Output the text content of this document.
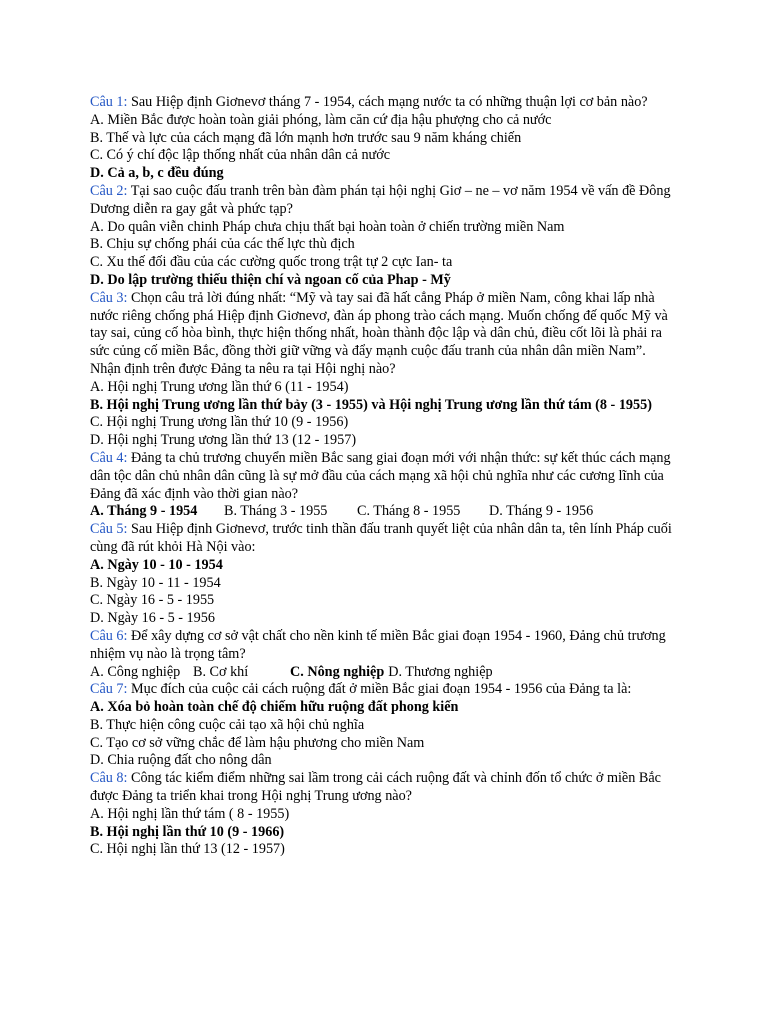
Câu 1: Sau Hiệp định Giơnevơ tháng 7 - 1954, cách mạng nước ta có những thuận lợi cơ bản nào?
A. Miền Bắc được hoàn toàn giải phóng, làm căn cứ địa hậu phượng cho cả nước
B. Thế và lực của cách mạng đã lớn mạnh hơn trước sau 9 năm kháng chiến
C. Có ý chí độc lập thống nhất của nhân dân cả nước
D. Cả a, b, c đều đúng
Câu 2: Tại sao cuộc đấu tranh trên bàn đàm phán tại hội nghị Giơ – ne – vơ năm 1954 về vấn đề Đông Dương diễn ra gay gắt và phức tạp?
A. Do quân viễn chinh Pháp chưa chịu thất bại hoàn toàn ở chiến trường miền Nam
B. Chịu sự chống phái của các thế lực thù địch
C. Xu thế đối đầu của các cường quốc trong trật tự 2 cực Ian- ta
D. Do lập trường thiếu thiện chí và ngoan cố của Phap - Mỹ
Câu 3: Chọn câu trả lời đúng nhất: “Mỹ và tay sai đã hất cẳng Pháp ở miền Nam, công khai lấp nhà nước riêng chống phá Hiệp định Giơnevơ, đàn áp phong trào cách mạng. Muốn chống đế quốc Mỹ và tay sai, củng cố hòa bình, thực hiện thống nhất, hoàn thành độc lập và dân chủ, điều cốt lõi là phải ra sức củng cố miền Bắc, đồng thời giữ vững và đẩy mạnh cuộc đấu tranh của nhân dân miền Nam”. Nhận định trên được Đảng ta nêu ra tại Hội nghị nào?
A. Hội nghị Trung ương lần thứ 6 (11 - 1954)
B. Hội nghị Trung ương lần thứ bảy (3 - 1955) và Hội nghị Trung ương lần thứ tám (8 - 1955)
C. Hội nghị Trung ương lần thứ 10 (9 - 1956)
D. Hội nghị Trung ương lần thứ 13 (12 - 1957)
Câu 4: Đảng ta chủ trương chuyển miền Bắc sang giai đoạn mới với nhận thức: sự kết thúc cách mạng dân tộc dân chủ nhân dân cũng là sự mở đầu của cách mạng xã hội chủ nghĩa như các cương lĩnh của Đảng đã xác định vào thời gian nào?
A. Tháng 9 - 1954 B. Tháng 3 - 1955 C. Tháng 8 - 1955 D. Tháng 9 - 1956
Câu 5: Sau Hiệp định Giơnevơ, trước tinh thần đấu tranh quyết liệt của nhân dân ta, tên lính Pháp cuối cùng đã rút khỏi Hà Nội vào:
A. Ngày 10 - 10 - 1954
B. Ngày 10 - 11 - 1954
C. Ngày 16 - 5 - 1955
D. Ngày 16 - 5 - 1956
Câu 6: Để xây dựng cơ sở vật chất cho nền kinh tế miền Bắc giai đoạn 1954 - 1960, Đảng chủ trương nhiệm vụ nào là trọng tâm?
A. Công nghiệp B. Cơ khí	C. Nông nghiệp D. Thương nghiệp
Câu 7: Mục đích của cuộc cải cách ruộng đất ở miền Bắc giai đoạn 1954 - 1956 của Đảng ta là:
A. Xóa bỏ hoàn toàn chế độ chiếm hữu ruộng đất phong kiến
B. Thực hiện công cuộc cải tạo xã hội chủ nghĩa
C. Tạo cơ sở vững chắc để làm hậu phương cho miền Nam
D. Chia ruộng đất cho nông dân
Câu 8: Công tác kiểm điểm những sai lầm trong cải cách ruộng đất và chỉnh đốn tổ chức ở miền Bắc được Đảng ta triển khai trong Hội nghị Trung ương nào?
A. Hội nghị lần thứ tám ( 8 - 1955)
B. Hội nghị lần thứ 10 (9 - 1966)
C. Hội nghị lần thứ 13 (12 - 1957)
